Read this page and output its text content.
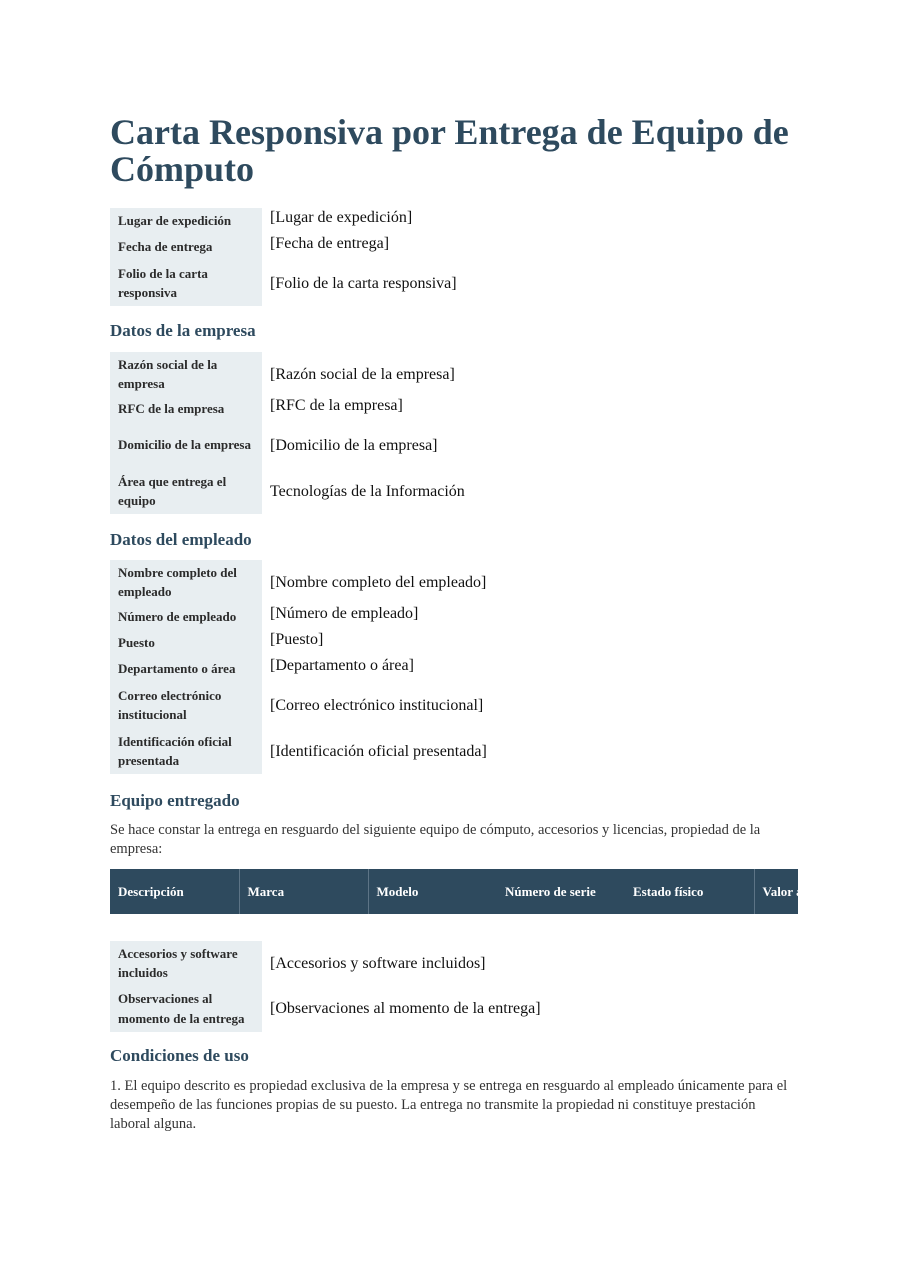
Carta Responsiva por Entrega de Equipo de Cómputo
Lugar de expedición	[Lugar de expedición]
Fecha de entrega	[Fecha de entrega]
Folio de la carta responsiva	[Folio de la carta responsiva]
Datos de la empresa
Razón social de la empresa	[Razón social de la empresa]
RFC de la empresa	[RFC de la empresa]
Domicilio de la empresa	[Domicilio de la empresa]
Área que entrega el equipo	Tecnologías de la Información
Datos del empleado
Nombre completo del empleado	[Nombre completo del empleado]
Número de empleado	[Número de empleado]
Puesto	[Puesto]
Departamento o área	[Departamento o área]
Correo electrónico institucional	[Correo electrónico institucional]
Identificación oficial presentada	[Identificación oficial presentada]
Equipo entregado

Se hace constar la entrega en resguardo del siguiente equipo de cómputo, accesorios y licencias, propiedad de la empresa:

Descripción	Marca	Modelo	Número de serie	Estado físico	Valor aproximado
Accesorios y software incluidos	[Accesorios y software incluidos]
Observaciones al momento de la entrega	[Observaciones al momento de la entrega]
Condiciones de uso

1. El equipo descrito es propiedad exclusiva de la empresa y se entrega en resguardo al empleado únicamente para el desempeño de las funciones propias de su puesto. La entrega no transmite la propiedad ni constituye prestación laboral alguna.
